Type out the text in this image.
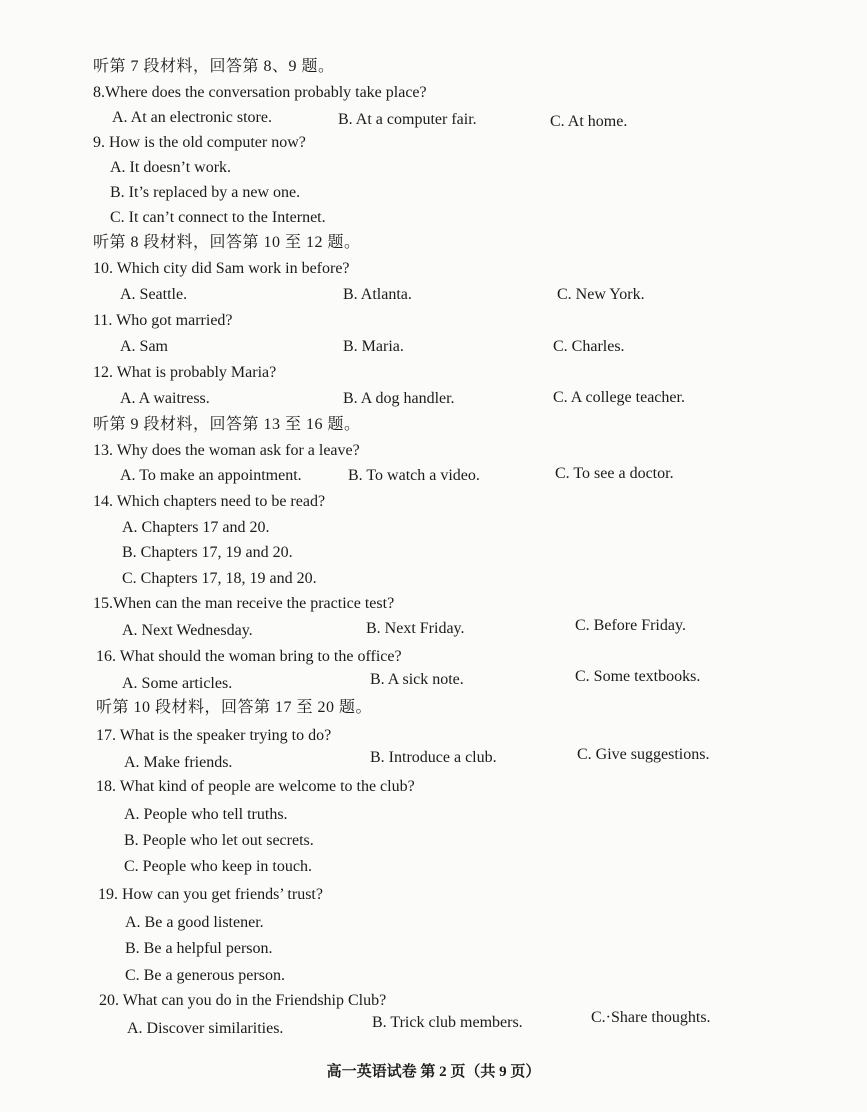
听第 7 段材料，回答第 8、9 题。
8.Where does the conversation probably take place?
A. At an electronic store.	B. At a computer fair.	C. At home.
9. How is the old computer now?
A. It doesn’t work.
B. It’s replaced by a new one.
C. It can’t connect to the Internet.
听第 8 段材料，回答第 10 至 12 题。
10. Which city did Sam work in before?
A. Seattle.	B. Atlanta.	C. New York.
11. Who got married?
A. Sam	B. Maria.	C. Charles.
12. What is probably Maria?
A. A waitress.	B. A dog handler.	C. A college teacher.
听第 9 段材料，回答第 13 至 16 题。
13. Why does the woman ask for a leave?
A. To make an appointment.	B. To watch a video.	C. To see a doctor.
14. Which chapters need to be read?
A. Chapters 17 and 20.
B. Chapters 17, 19 and 20.
C. Chapters 17, 18, 19 and 20.
15.When can the man receive the practice test?
A. Next Wednesday.	B. Next Friday.	C. Before Friday.
16. What should the woman bring to the office?
A. Some articles.	B. A sick note.	C. Some textbooks.
听第 10 段材料，回答第 17 至 20 题。
17. What is the speaker trying to do?
A. Make friends.	B. Introduce a club.	C. Give suggestions.
18. What kind of people are welcome to the club?
A. People who tell truths.
B. People who let out secrets.
C. People who keep in touch.
19. How can you get friends’ trust?
A. Be a good listener.
B. Be a helpful person.
C. Be a generous person.
20. What can you do in the Friendship Club?
A. Discover similarities.	B. Trick club members.	C.·Share thoughts.
高一英语试卷 第 2 页（共 9 页）
